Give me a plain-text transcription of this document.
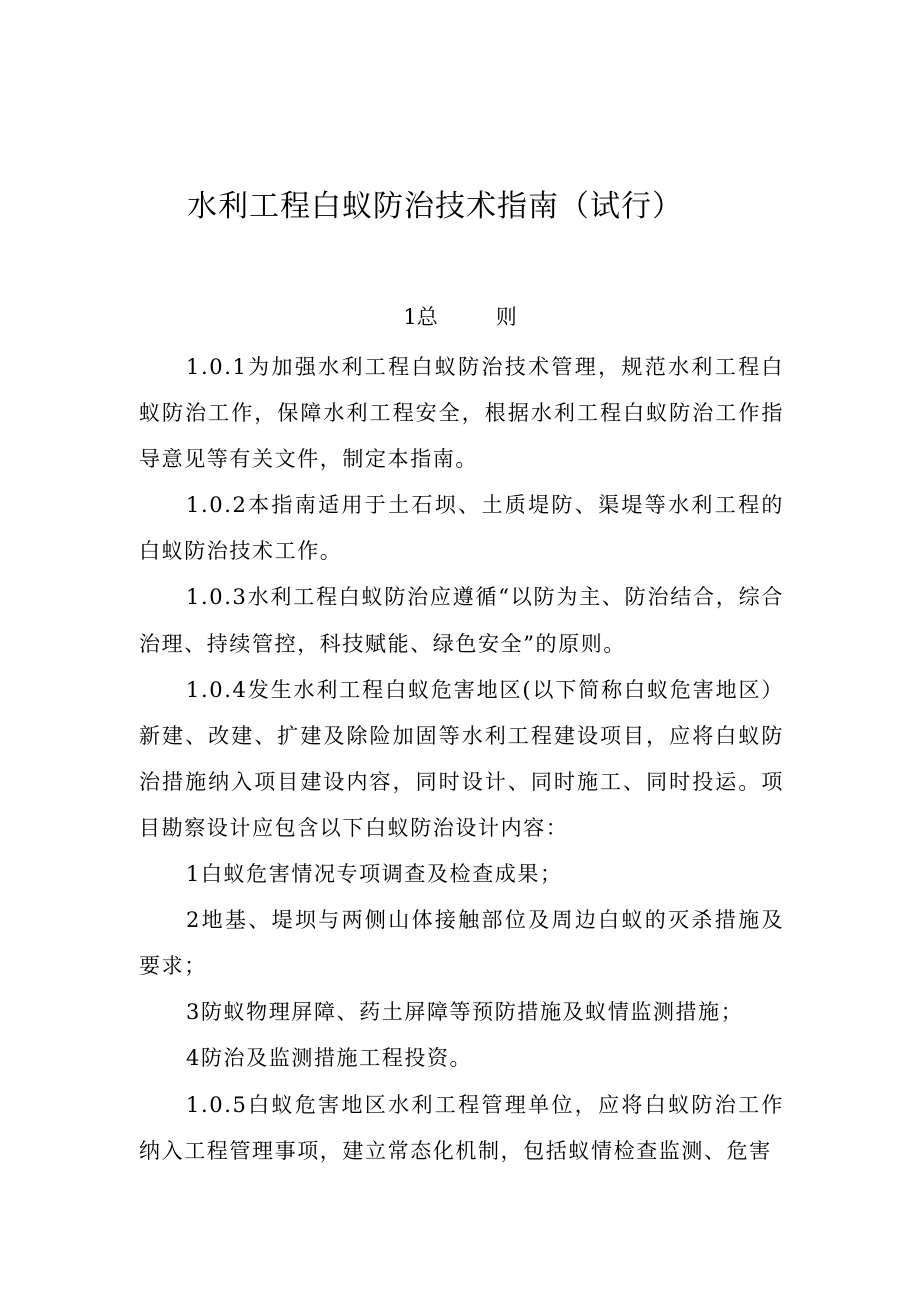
水利工程白蚁防治技术指南（试行）
1总	则

1.0.1为加强水利工程白蚁防治技术管理，规范水利工程白蚁防治工作，保障水利工程安全，根据水利工程白蚁防治工作指导意见等有关文件，制定本指南。

1.0.2本指南适用于土石坝、土质堤防、渠堤等水利工程的白蚁防治技术工作。

1.0.3水利工程白蚁防治应遵循“以防为主、防治结合，综合治理、持续管控，科技赋能、绿色安全”的原则。

1.0.4发生水利工程白蚁危害地区(以下简称白蚁危害地区）新建、改建、扩建及除险加固等水利工程建设项目，应将白蚁防治措施纳入项目建设内容，同时设计、同时施工、同时投运。项目勘察设计应包含以下白蚁防治设计内容：

1白蚁危害情况专项调查及检查成果；

2地基、堤坝与两侧山体接触部位及周边白蚁的灭杀措施及要求；

3防蚁物理屏障、药土屏障等预防措施及蚁情监测措施；

4防治及监测措施工程投资。

1.0.5白蚁危害地区水利工程管理单位，应将白蚁防治工作纳入工程管理事项，建立常态化机制，包括蚁情检查监测、危害
